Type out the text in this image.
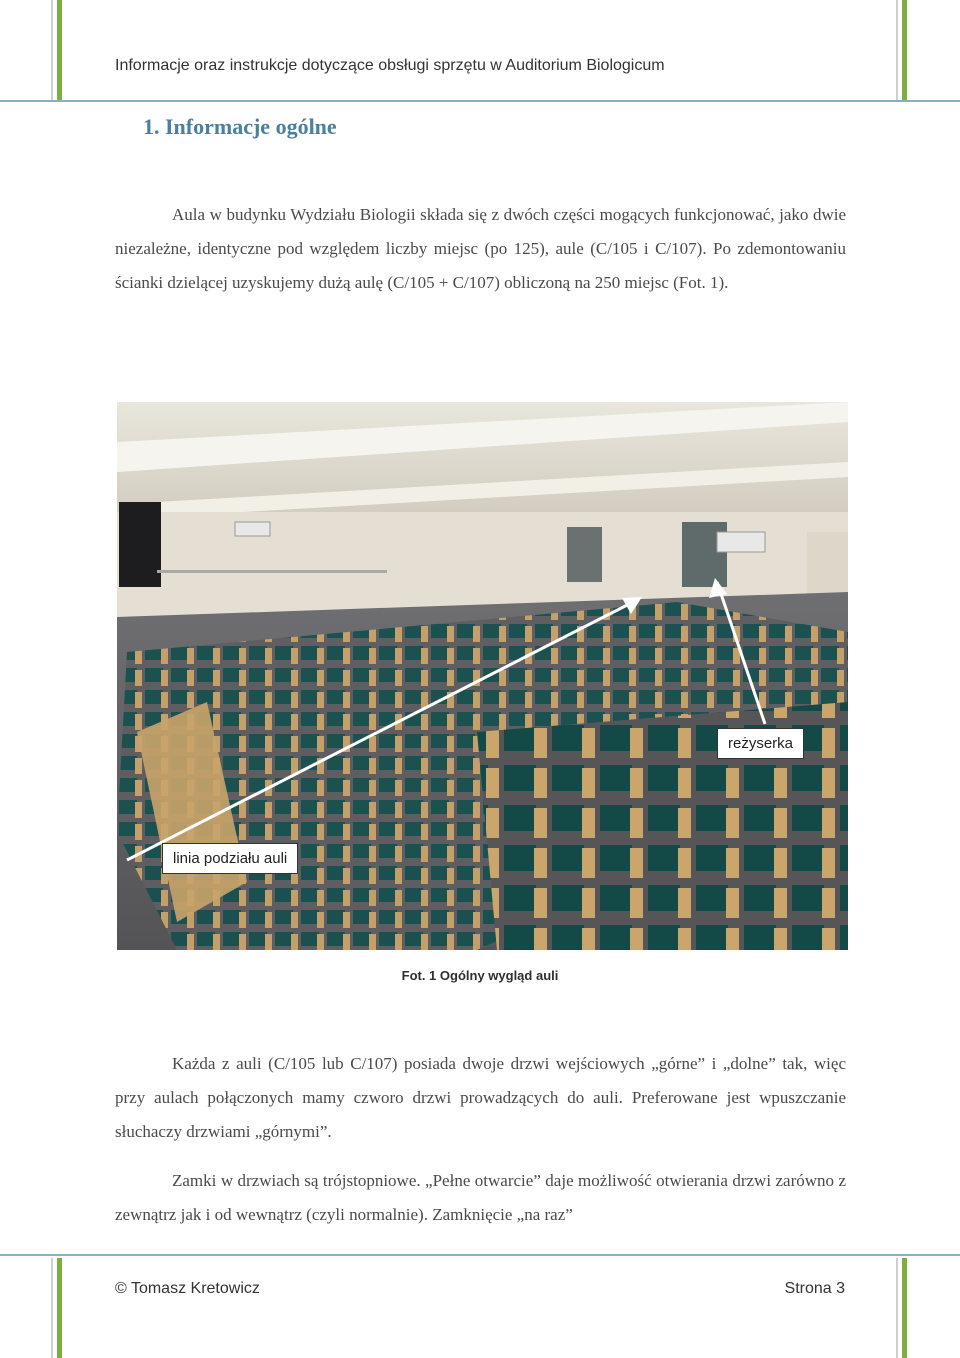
Informacje oraz instrukcje dotyczące obsługi sprzętu w Auditorium Biologicum
1. Informacje ogólne

Aula w budynku Wydziału Biologii składa się z dwóch części mogących funkcjonować, jako dwie niezależne, identyczne pod względem liczby miejsc (po 125), aule (C/105 i C/107). Po zdemontowaniu ścianki dzielącej uzyskujemy dużą aulę (C/105 + C/107) obliczoną na 250 miejsc (Fot. 1).

reżyserka
linia podziału auli
Fot. 1 Ogólny wygląd auli

Każda z auli (C/105 lub C/107) posiada dwoje drzwi wejściowych „górne” i „dolne” tak, więc przy aulach połączonych mamy czworo drzwi prowadzących do auli. Preferowane jest wpuszczanie słuchaczy drzwiami „górnymi”.

Zamki w drzwiach są trójstopniowe. „Pełne otwarcie” daje możliwość otwierania drzwi zarówno z zewnątrz jak i od wewnątrz (czyli normalnie). Zamknięcie „na raz”

© Tomasz Kretowicz	Strona 3
